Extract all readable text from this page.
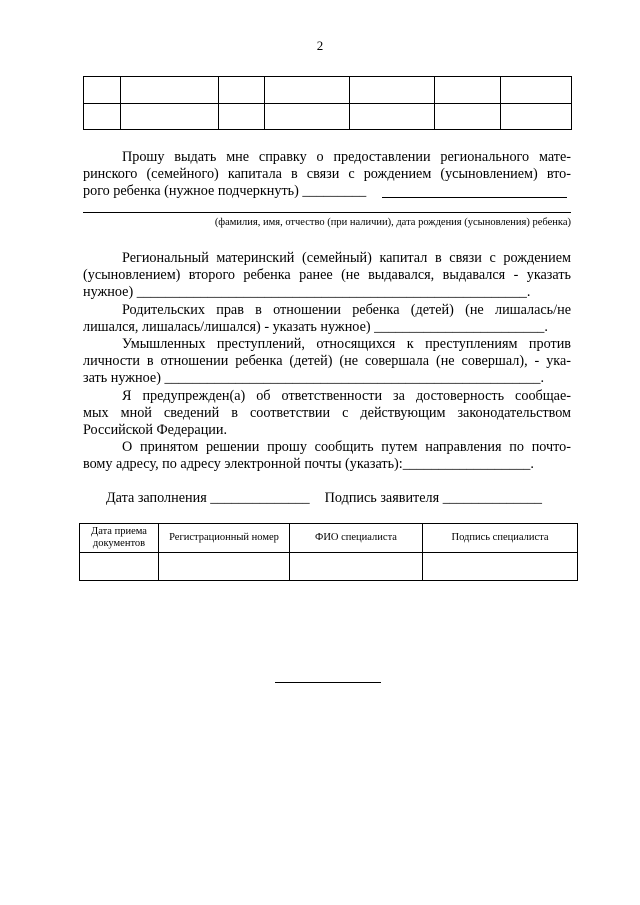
2

Прошу выдать мне справку о предоставлении регионального мате-
ринского (семейного) капитала в связи с рождением (усыновлением) вто-
рого ребенка (нужное подчеркнуть) _________
(фамилия, имя, отчество (при наличии), дата рождения (усыновления) ребенка)
Региональный материнский (семейный) капитал в связи с рождением
(усыновлением) второго ребенка ранее (не выдавался, выдавался - указать
нужное) _______________________________________________________.
Родительских прав в отношении ребенка (детей) (не лишалась/не
лишался, лишалась/лишался) - указать нужное) ________________________.
Умышленных преступлений, относящихся к преступлениям против
личности в отношении ребенка (детей) (не совершала (не совершал), - ука-
зать нужное) _____________________________________________________.
Я предупрежден(а) об ответственности за достоверность сообщае-
мых мной сведений в соответствии с действующим законодательством
Российской Федерации.
О принятом решении прошу сообщить путем направления по почто-
вому адресу, по адресу электронной почты (указать):__________________.
Дата заполнения ______________ Подпись заявителя ______________
Дата приема документов	Регистрационный номер	ФИО специалиста	Подпись специалиста
